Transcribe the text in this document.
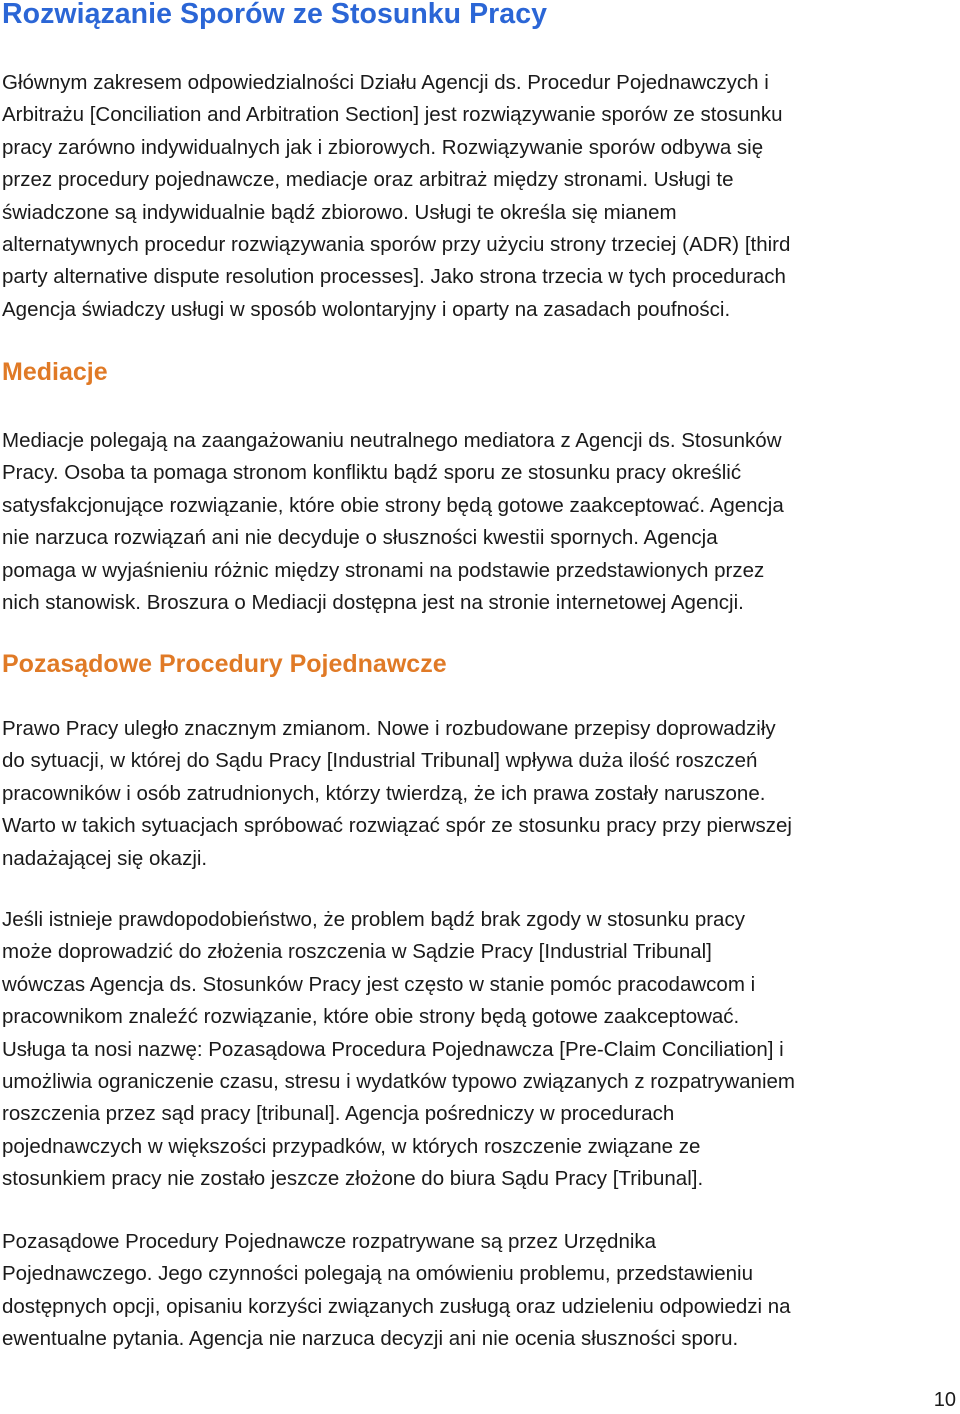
Rozwiązanie Sporów ze Stosunku Pracy
Głównym zakresem odpowiedzialności Działu Agencji ds. Procedur Pojednawczych i
Arbitrażu [Conciliation and Arbitration Section] jest rozwiązywanie sporów ze stosunku
pracy zarówno indywidualnych jak i zbiorowych. Rozwiązywanie sporów odbywa się
przez procedury pojednawcze, mediacje oraz arbitraż między stronami. Usługi te
świadczone są indywidualnie bądź zbiorowo. Usługi te określa się mianem
alternatywnych procedur rozwiązywania sporów przy użyciu strony trzeciej (ADR) [third
party alternative dispute resolution processes]. Jako strona trzecia w tych procedurach
Agencja świadczy usługi w sposób wolontaryjny i oparty na zasadach poufności.
Mediacje
Mediacje polegają na zaangażowaniu neutralnego mediatora z Agencji ds. Stosunków
Pracy. Osoba ta pomaga stronom konfliktu bądź sporu ze stosunku pracy określić
satysfakcjonujące rozwiązanie, które obie strony będą gotowe zaakceptować. Agencja
nie narzuca rozwiązań ani nie decyduje o słuszności kwestii spornych. Agencja
pomaga w wyjaśnieniu różnic między stronami na podstawie przedstawionych przez
nich stanowisk. Broszura o Mediacji dostępna jest na stronie internetowej Agencji.
Pozasądowe Procedury Pojednawcze
Prawo Pracy uległo znacznym zmianom. Nowe i rozbudowane przepisy doprowadziły
do sytuacji, w której do Sądu Pracy [Industrial Tribunal] wpływa duża ilość roszczeń
pracowników i osób zatrudnionych, którzy twierdzą, że ich prawa zostały naruszone.
Warto w takich sytuacjach spróbować rozwiązać spór ze stosunku pracy przy pierwszej
nadażającej się okazji.
Jeśli istnieje prawdopodobieństwo, że problem bądź brak zgody w stosunku pracy
może doprowadzić do złożenia roszczenia w Sądzie Pracy [Industrial Tribunal]
wówczas Agencja ds. Stosunków Pracy jest często w stanie pomóc pracodawcom i
pracownikom znaleźć rozwiązanie, które obie strony będą gotowe zaakceptować.
Usługa ta nosi nazwę: Pozasądowa Procedura Pojednawcza [Pre-Claim Conciliation] i
umożliwia ograniczenie czasu, stresu i wydatków typowo związanych z rozpatrywaniem
roszczenia przez sąd pracy [tribunal]. Agencja pośredniczy w procedurach
pojednawczych w większości przypadków, w których roszczenie związane ze
stosunkiem pracy nie zostało jeszcze złożone do biura Sądu Pracy [Tribunal].
Pozasądowe Procedury Pojednawcze rozpatrywane są przez Urzędnika
Pojednawczego. Jego czynności polegają na omówieniu problemu, przedstawieniu
dostępnych opcji, opisaniu korzyści związanych zusługą oraz udzieleniu odpowiedzi na
ewentualne pytania. Agencja nie narzuca decyzji ani nie ocenia słuszności sporu.
10
